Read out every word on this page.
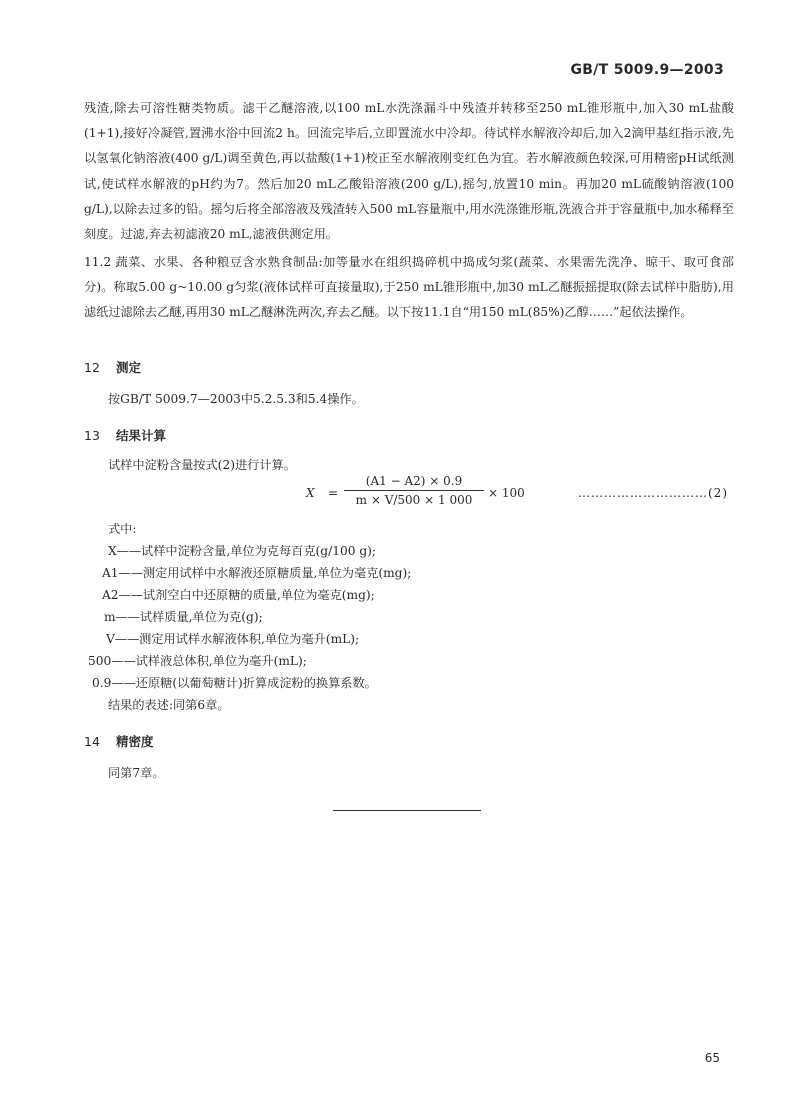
GB/T 5009.9—2003

残渣,除去可溶性糖类物质。滤干乙醚溶液,以100 mL水洗涤漏斗中残渣并转移至250 mL锥形瓶中,加入30 mL盐酸(1+1),接好冷凝管,置沸水浴中回流2 h。回流完毕后,立即置流水中冷却。待试样水解液冷却后,加入2滴甲基红指示液,先以氢氧化钠溶液(400 g/L)调至黄色,再以盐酸(1+1)校正至水解液刚变红色为宜。若水解液颜色较深,可用精密pH试纸测试,使试样水解液的pH约为7。然后加20 mL乙酸铅溶液(200 g/L),摇匀,放置10 min。再加20 mL硫酸钠溶液(100 g/L),以除去过多的铅。摇匀后将全部溶液及残渣转入500 mL容量瓶中,用水洗涤锥形瓶,洗液合并于容量瓶中,加水稀释至刻度。过滤,弃去初滤液20 mL,滤液供测定用。

11.2 蔬菜、水果、各种粮豆含水熟食制品:加等量水在组织捣碎机中捣成匀浆(蔬菜、水果需先洗净、晾干、取可食部分)。称取5.00 g~10.00 g匀浆(液体试样可直接量取),于250 mL锥形瓶中,加30 mL乙醚振摇提取(除去试样中脂肪),用滤纸过滤除去乙醚,再用30 mL乙醚淋洗两次,弃去乙醚。以下按11.1自“用150 mL(85%)乙醇……”起依法操作。

12 测定
按GB/T 5009.7—2003中5.2.5.3和5.4操作。
13 结果计算
试样中淀粉含量按式(2)进行计算。
$X = \frac{(A1 - A2) \times 0.9}{m \times V/500 \times 1 000} \times 100$	…………………………(2)
式中:
X——试样中淀粉含量,单位为克每百克(g/100 g);
A1——测定用试样中水解液还原糖质量,单位为毫克(mg);
A2——试剂空白中还原糖的质量,单位为毫克(mg);
m——试样质量,单位为克(g);
V——测定用试样水解液体积,单位为毫升(mL);
500——试样液总体积,单位为毫升(mL);
0.9——还原糖(以葡萄糖计)折算成淀粉的换算系数。
结果的表述:同第6章。
14 精密度
同第7章。
65
